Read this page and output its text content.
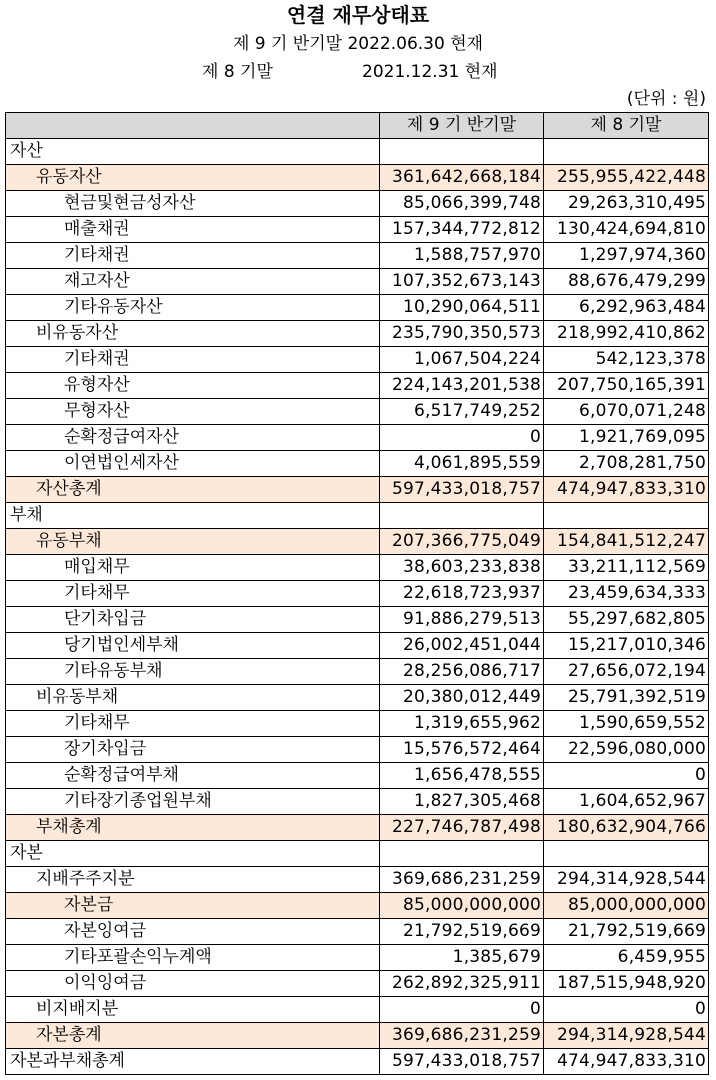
연결 재무상태표
제 9 기 반기말 2022.06.30 현재
제 8 기말	2021.12.31 현재
(단위 : 원)
	제 9 기 반기말	제 8 기말
자산		
유동자산	361,642,668,184	255,955,422,448
현금및현금성자산	85,066,399,748	29,263,310,495
매출채권	157,344,772,812	130,424,694,810
기타채권	1,588,757,970	1,297,974,360
재고자산	107,352,673,143	88,676,479,299
기타유동자산	10,290,064,511	6,292,963,484
비유동자산	235,790,350,573	218,992,410,862
기타채권	1,067,504,224	542,123,378
유형자산	224,143,201,538	207,750,165,391
무형자산	6,517,749,252	6,070,071,248
순확정급여자산	0	1,921,769,095
이연법인세자산	4,061,895,559	2,708,281,750
자산총계	597,433,018,757	474,947,833,310
부채		
유동부채	207,366,775,049	154,841,512,247
매입채무	38,603,233,838	33,211,112,569
기타채무	22,618,723,937	23,459,634,333
단기차입금	91,886,279,513	55,297,682,805
당기법인세부채	26,002,451,044	15,217,010,346
기타유동부채	28,256,086,717	27,656,072,194
비유동부채	20,380,012,449	25,791,392,519
기타채무	1,319,655,962	1,590,659,552
장기차입금	15,576,572,464	22,596,080,000
순확정급여부채	1,656,478,555	0
기타장기종업원부채	1,827,305,468	1,604,652,967
부채총계	227,746,787,498	180,632,904,766
자본		
지배주주지분	369,686,231,259	294,314,928,544
자본금	85,000,000,000	85,000,000,000
자본잉여금	21,792,519,669	21,792,519,669
기타포괄손익누계액	1,385,679	6,459,955
이익잉여금	262,892,325,911	187,515,948,920
비지배지분	0	0
자본총계	369,686,231,259	294,314,928,544
자본과부채총계	597,433,018,757	474,947,833,310
